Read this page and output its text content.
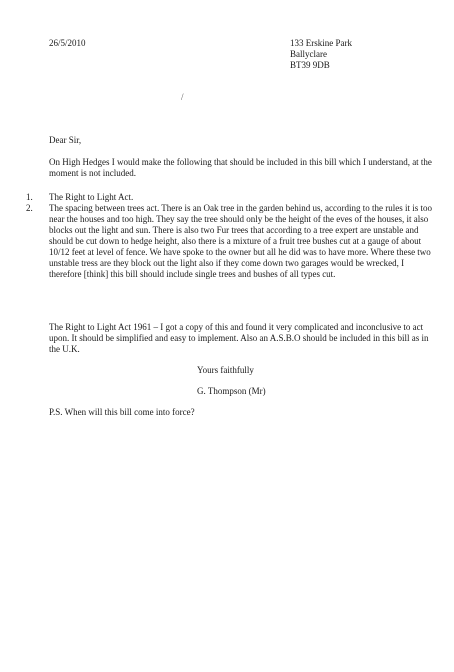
26/5/2010	133 Erskine Park
Ballyclare
BT39 9DB
/
Dear Sir,
On High Hedges I would make the following that should be included in this bill which I understand, at the moment is not included.
1.	The Right to Light Act.
2.	The spacing between trees act. There is an Oak tree in the garden behind us, according to the rules it is too near the houses and too high. They say the tree should only be the height of the eves of the houses, it also blocks out the light and sun. There is also two Fur trees that according to a tree expert are unstable and should be cut down to hedge height, also there is a mixture of a fruit tree bushes cut at a gauge of about 10/12 feet at level of fence. We have spoke to the owner but all he did was to have more. Where these two unstable tress are they block out the light also if they come down two garages would be wrecked, I therefore [think] this bill should include single trees and bushes of all types cut.
The Right to Light Act 1961 – I got a copy of this and found it very complicated and inconclusive to act upon. It should be simplified and easy to implement. Also an A.S.B.O should be included in this bill as in the U.K.
Yours faithfully
G. Thompson (Mr)
P.S. When will this bill come into force?
